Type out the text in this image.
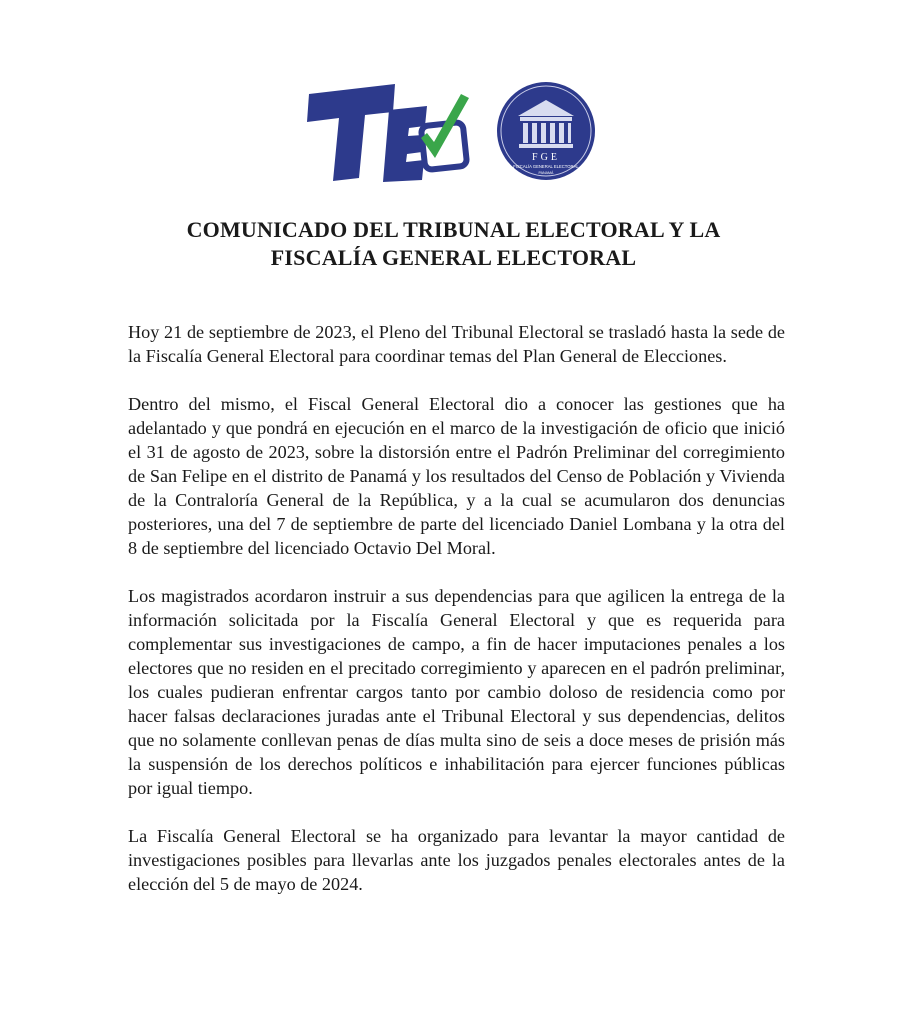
FGE
FISCALÍA GENERAL ELECTORAL
PANAMÁ
COMUNICADO DEL TRIBUNAL ELECTORAL Y LA
FISCALÍA GENERAL ELECTORAL

Hoy 21 de septiembre de 2023, el Pleno del Tribunal Electoral se trasladó hasta la sede de la Fiscalía General Electoral para coordinar temas del Plan General de Elecciones.

Dentro del mismo, el Fiscal General Electoral dio a conocer las gestiones que ha adelantado y que pondrá en ejecución en el marco de la investigación de oficio que inició el 31 de agosto de 2023, sobre la distorsión entre el Padrón Preliminar del corregimiento de San Felipe en el distrito de Panamá y los resultados del Censo de Población y Vivienda de la Contraloría General de la República, y a la cual se acumularon dos denuncias posteriores, una del 7 de septiembre de parte del licenciado Daniel Lombana y la otra del 8 de septiembre del licenciado Octavio Del Moral.

Los magistrados acordaron instruir a sus dependencias para que agilicen la entrega de la información solicitada por la Fiscalía General Electoral y que es requerida para complementar sus investigaciones de campo, a fin de hacer imputaciones penales a los electores que no residen en el precitado corregimiento y aparecen en el padrón preliminar, los cuales pudieran enfrentar cargos tanto por cambio doloso de residencia como por hacer falsas declaraciones juradas ante el Tribunal Electoral y sus dependencias, delitos que no solamente conllevan penas de días multa sino de seis a doce meses de prisión más la suspensión de los derechos políticos e inhabilitación para ejercer funciones públicas por igual tiempo.

La Fiscalía General Electoral se ha organizado para levantar la mayor cantidad de investigaciones posibles para llevarlas ante los juzgados penales electorales antes de la elección del 5 de mayo de 2024.
